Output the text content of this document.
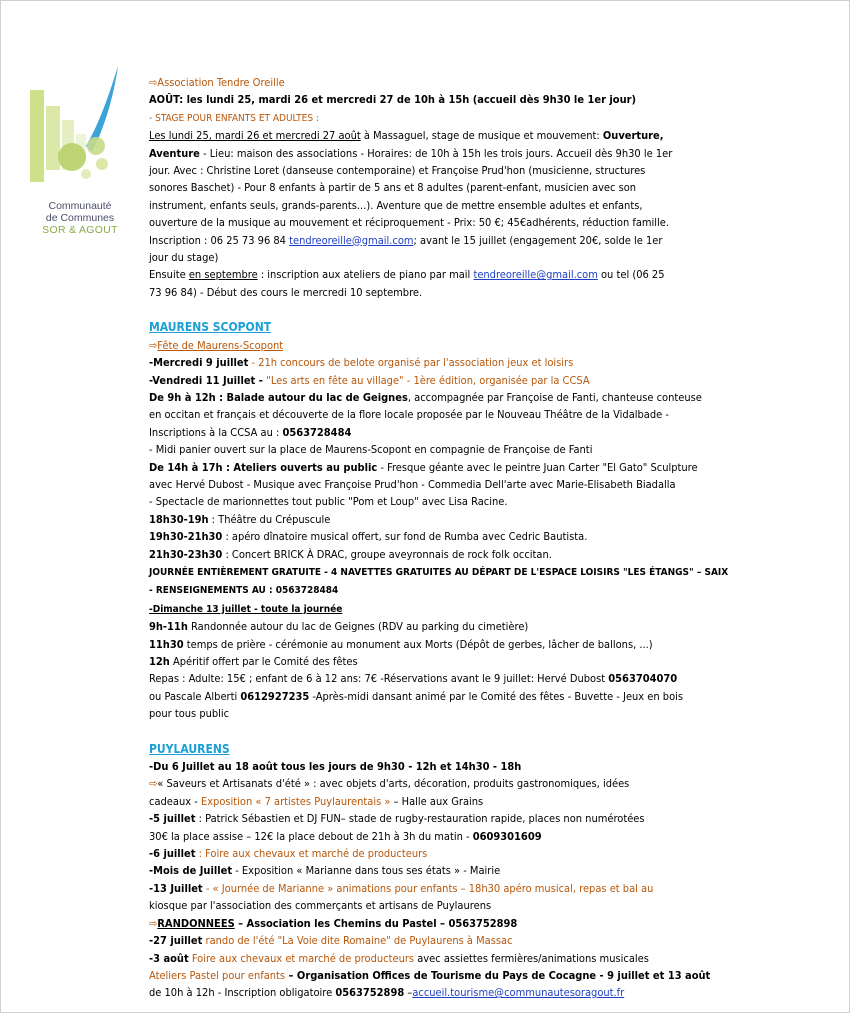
Communauté
de Communes
SOR & AGOUT
⇨Association Tendre Oreille
AOÛT: les lundi 25, mardi 26 et mercredi 27 de 10h à 15h (accueil dès 9h30 le 1er jour)
- STAGE POUR ENFANTS ET ADULTES :
Les lundi 25, mardi 26 et mercredi 27 août à Massaguel, stage de musique et mouvement: Ouverture,
Aventure - Lieu: maison des associations - Horaires: de 10h à 15h les trois jours. Accueil dès 9h30 le 1er
jour. Avec : Christine Loret (danseuse contemporaine) et Françoise Prud'hon (musicienne, structures
sonores Baschet) - Pour 8 enfants à partir de 5 ans et 8 adultes (parent-enfant, musicien avec son
instrument, enfants seuls, grands-parents...). Aventure que de mettre ensemble adultes et enfants,
ouverture de la musique au mouvement et réciproquement - Prix: 50 €; 45€adhérents, réduction famille.
Inscription : 06 25 73 96 84 tendreoreille@gmail.com; avant le 15 juillet (engagement 20€, solde le 1er
jour du stage)
Ensuite en septembre : inscription aux ateliers de piano par mail tendreoreille@gmail.com ou tel (06 25
73 96 84) - Début des cours le mercredi 10 septembre.
MAURENS SCOPONT
⇨Fête de Maurens-Scopont
-Mercredi 9 juillet - 21h concours de belote organisé par l'association jeux et loisirs
-Vendredi 11 Juillet - "Les arts en fête au village" - 1ère édition, organisée par la CCSA
De 9h à 12h : Balade autour du lac de Geignes, accompagnée par Françoise de Fanti, chanteuse conteuse
en occitan et français et découverte de la flore locale proposée par le Nouveau Théâtre de la Vidalbade -
Inscriptions à la CCSA au : 0563728484
- Midi panier ouvert sur la place de Maurens-Scopont en compagnie de Françoise de Fanti
De 14h à 17h : Ateliers ouverts au public - Fresque géante avec le peintre Juan Carter "El Gato" Sculpture
avec Hervé Dubost - Musique avec Françoise Prud'hon - Commedia Dell'arte avec Marie-Elisabeth Biadalla
- Spectacle de marionnettes tout public "Pom et Loup" avec Lisa Racine.
18h30-19h : Théâtre du Crépuscule
19h30-21h30 : apéro dînatoire musical offert, sur fond de Rumba avec Cedric Bautista.
21h30-23h30 : Concert BRICK À DRAC, groupe aveyronnais de rock folk occitan.
JOURNÉE ENTIÈREMENT GRATUITE - 4 NAVETTES GRATUITES AU DÉPART DE L'ESPACE LOISIRS "LES ÉTANGS" – SAIX
- RENSEIGNEMENTS AU : 0563728484
-Dimanche 13 juillet - toute la journée
9h-11h Randonnée autour du lac de Geignes (RDV au parking du cimetière)
11h30 temps de prière - cérémonie au monument aux Morts (Dépôt de gerbes, lâcher de ballons, ...)
12h Apéritif offert par le Comité des fêtes
Repas : Adulte: 15€ ; enfant de 6 à 12 ans: 7€ -Réservations avant le 9 juillet: Hervé Dubost 0563704070
ou Pascale Alberti 0612927235 -Après-midi dansant animé par le Comité des fêtes - Buvette - Jeux en bois
pour tous public
PUYLAURENS
-Du 6 Juillet au 18 août tous les jours de 9h30 - 12h et 14h30 - 18h
⇨« Saveurs et Artisanats d'été » : avec objets d'arts, décoration, produits gastronomiques, idées
cadeaux - Exposition « 7 artistes Puylaurentais » – Halle aux Grains
-5 juillet : Patrick Sébastien et DJ FUN– stade de rugby-restauration rapide, places non numérotées
30€ la place assise – 12€ la place debout de 21h à 3h du matin - 0609301609
-6 juillet : Foire aux chevaux et marché de producteurs
-Mois de Juillet - Exposition « Marianne dans tous ses états » - Mairie
-13 Juillet - « Journée de Marianne » animations pour enfants – 18h30 apéro musical, repas et bal au
kiosque par l'association des commerçants et artisans de Puylaurens
⇨RANDONNEES – Association les Chemins du Pastel – 0563752898
-27 juillet rando de l'été "La Voie dite Romaine" de Puylaurens à Massac
-3 août Foire aux chevaux et marché de producteurs avec assiettes fermières/animations musicales
Ateliers Pastel pour enfants – Organisation Offices de Tourisme du Pays de Cocagne - 9 juillet et 13 août
de 10h à 12h - Inscription obligatoire 0563752898 –accueil.tourisme@communautesoragout.fr
